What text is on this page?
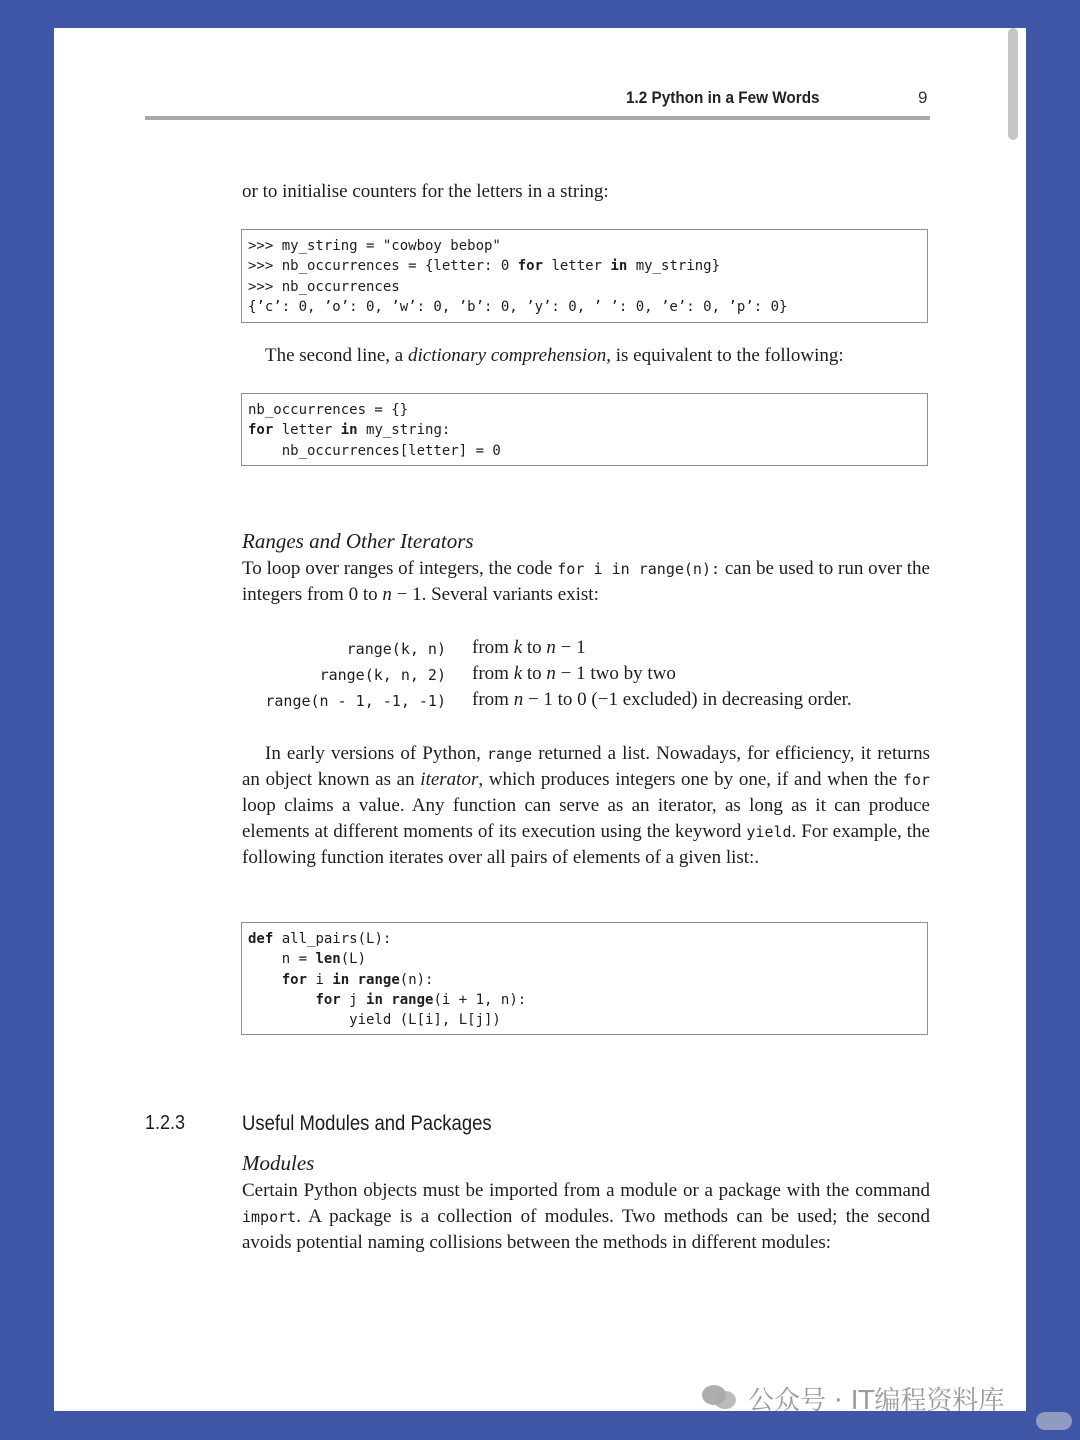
1.2 Python in a Few Words	9

or to initialise counters for the letters in a string:

>>> my_string = "cowboy bebop"
>>> nb_occurrences = {letter: 0 for letter in my_string}
>>> nb_occurrences
{’c’: 0, ’o’: 0, ’w’: 0, ’b’: 0, ’y’: 0, ’ ’: 0, ’e’: 0, ’p’: 0}

The second line, a dictionary comprehension, is equivalent to the following:

nb_occurrences = {}
for letter in my_string:
nb_occurrences[letter] = 0
Ranges and Other Iterators

To loop over ranges of integers, the code for i in range(n): can be used to run over the integers from 0 to n − 1. Several variants exist:

range(k, n) from k to n − 1
range(k, n, 2) from k to n − 1 two by two
range(n - 1, -1, -1) from n − 1 to 0 (−1 excluded) in decreasing order.

In early versions of Python, range returned a list. Nowadays, for efficiency, it returns an object known as an iterator, which produces integers one by one, if and when the for loop claims a value. Any function can serve as an iterator, as long as it can produce elements at different moments of its execution using the keyword yield. For example, the following function iterates over all pairs of elements of a given list:.

def all_pairs(L):
n = len(L)
for i in range(n):
for j in range(i + 1, n):
yield (L[i], L[j])
1.2.3	Useful Modules and Packages
Modules

Certain Python objects must be imported from a module or a package with the command import. A package is a collection of modules. Two methods can be used; the second avoids potential naming collisions between the methods in different modules:

公众号 · IT编程资料库
